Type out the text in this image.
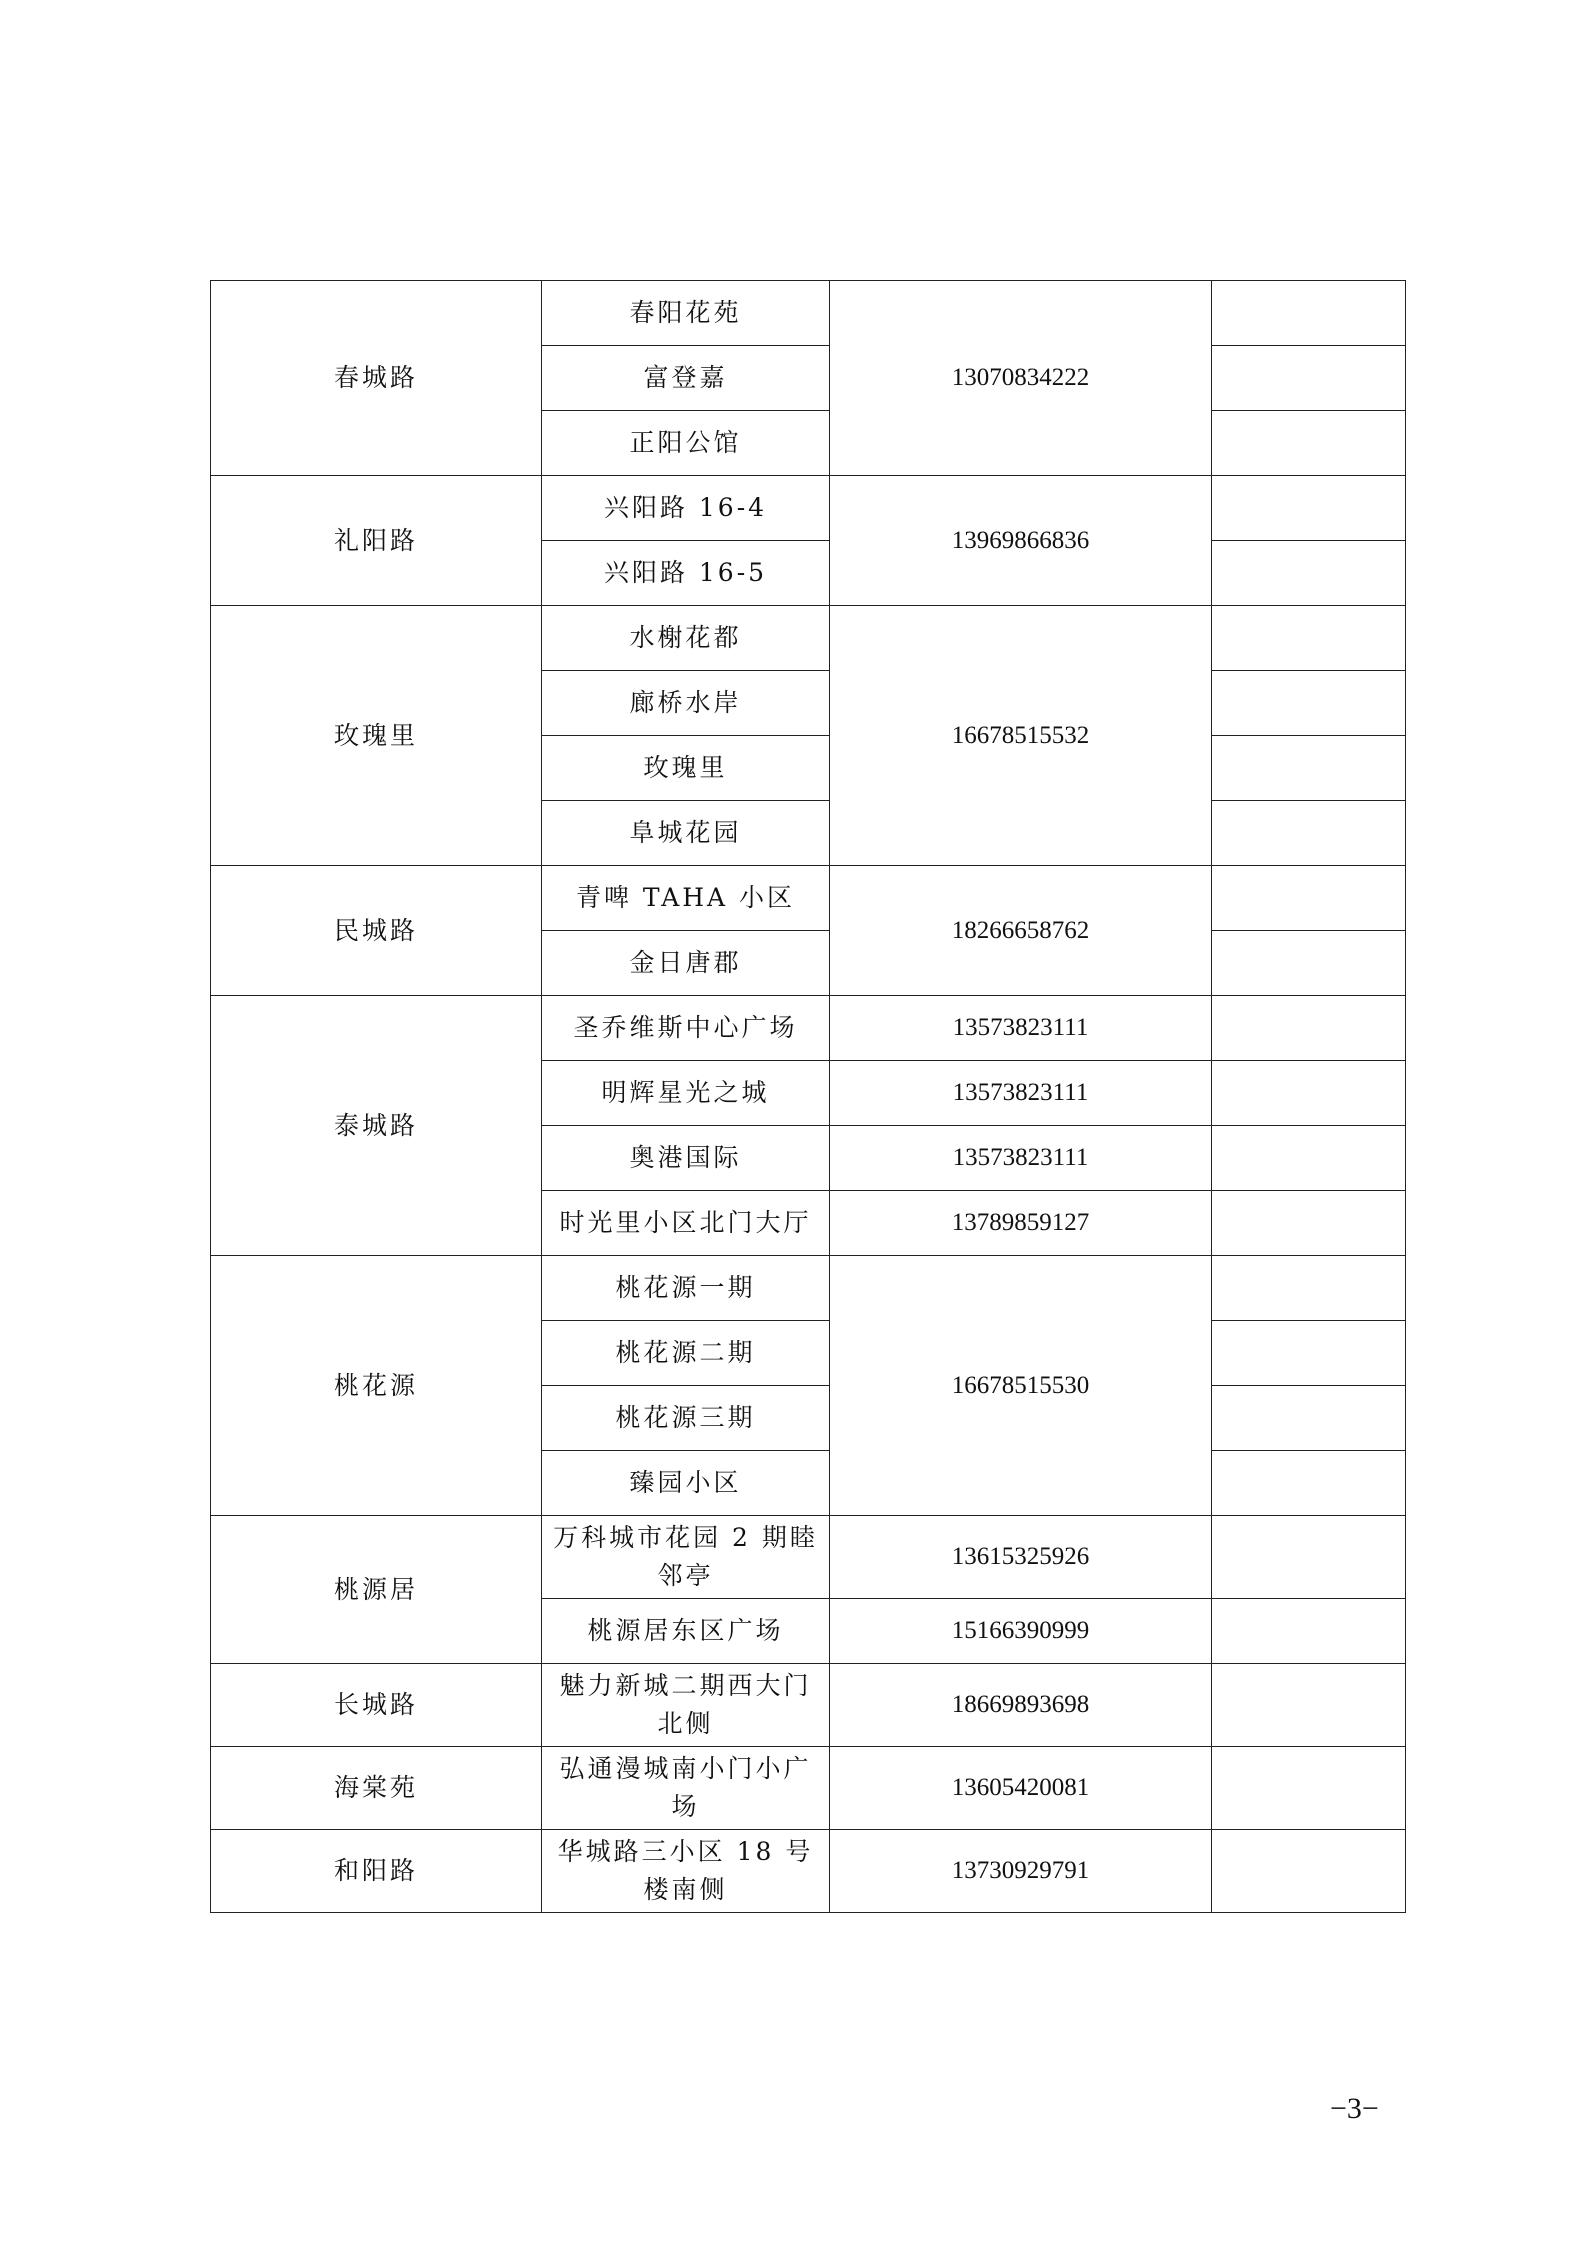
春城路	春阳花苑	13070834222	
	富登嘉		
	正阳公馆		
礼阳路	兴阳路 16-4	13969866836	
	兴阳路 16-5		
玫瑰里	水榭花都	16678515532	
	廊桥水岸		
	玫瑰里		
	阜城花园		
民城路	青啤 TAHA 小区	18266658762	
	金日唐郡		
泰城路	圣乔维斯中心广场	13573823111	
	明辉星光之城	13573823111	
	奥港国际	13573823111	
	时光里小区北门大厅	13789859127	
桃花源	桃花源一期	16678515530	
	桃花源二期		
	桃花源三期		
	臻园小区		
桃源居	万科城市花园 2 期睦邻亭	13615325926	
	桃源居东区广场	15166390999	
长城路	魅力新城二期西大门北侧	18669893698	
海棠苑	弘通漫城南小门小广场	13605420081	
和阳路	华城路三小区 18 号楼南侧	13730929791	
−3−
